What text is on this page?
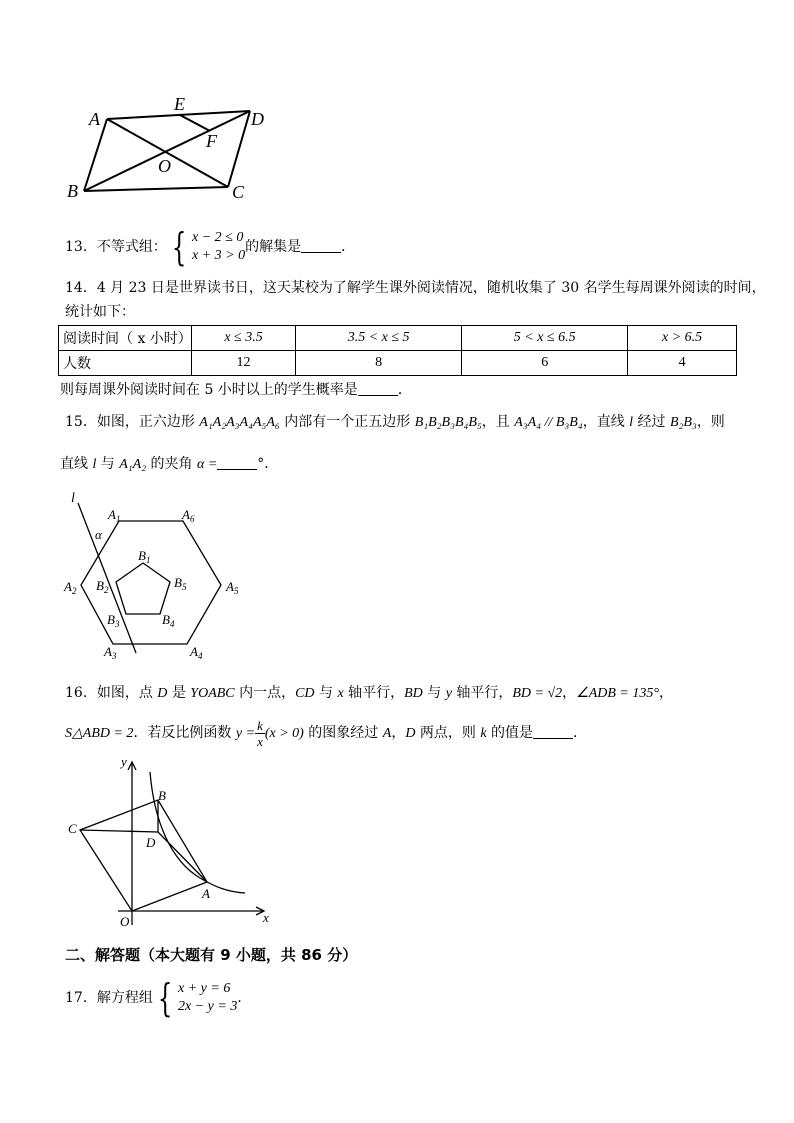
A
E
D
F
O
B	C
13．不等式组： { x − 2 ≤ 0
x + 3 > 0
的解集是	．
14．4 月 23 日是世界读书日，这天某校为了解学生课外阅读情况，随机收集了 30 名学生每周课外阅读的时间，
统计如下：
阅读时间（ x 小时）	x ≤ 3.5	3.5 < x ≤ 5	5 < x ≤ 6.5	x > 6.5
人数	12	8	6	4
则每周课外阅读时间在 5 小时以上的学生概率是	．
15．如图，正六边形 A₁A₂A₃A₄A₅A₆ 内部有一个正五边形 B₁B₂B₃B₄B₅，且 A₃A₄ // B₃B₄，直线 l 经过 B₂B₃，则
直线 l 与 A₁A₂ 的夹角 α =	°．
l
α
$A_1$	$A_6$
$A_2$	$A_5$
$A_3$	$A_4$
$B_1$
$B_5$
$B_2$
$B_3$	$B_4$
16．如图，点 D 是 YOABC 内一点，CD 与 x 轴平行，BD 与 y 轴平行，BD = √2，∠ADB = 135°，
S△ABD = 2．若反比例函数 $y = \frac{k}{x} (x > 0)$ 的图象经过 A，D 两点，则 k 的值是	．
y
x
B
C
D
A
O
二、解答题（本大题有 9 小题，共 86 分）
17．解方程组 { x + y = 6
2x − y = 3
．
